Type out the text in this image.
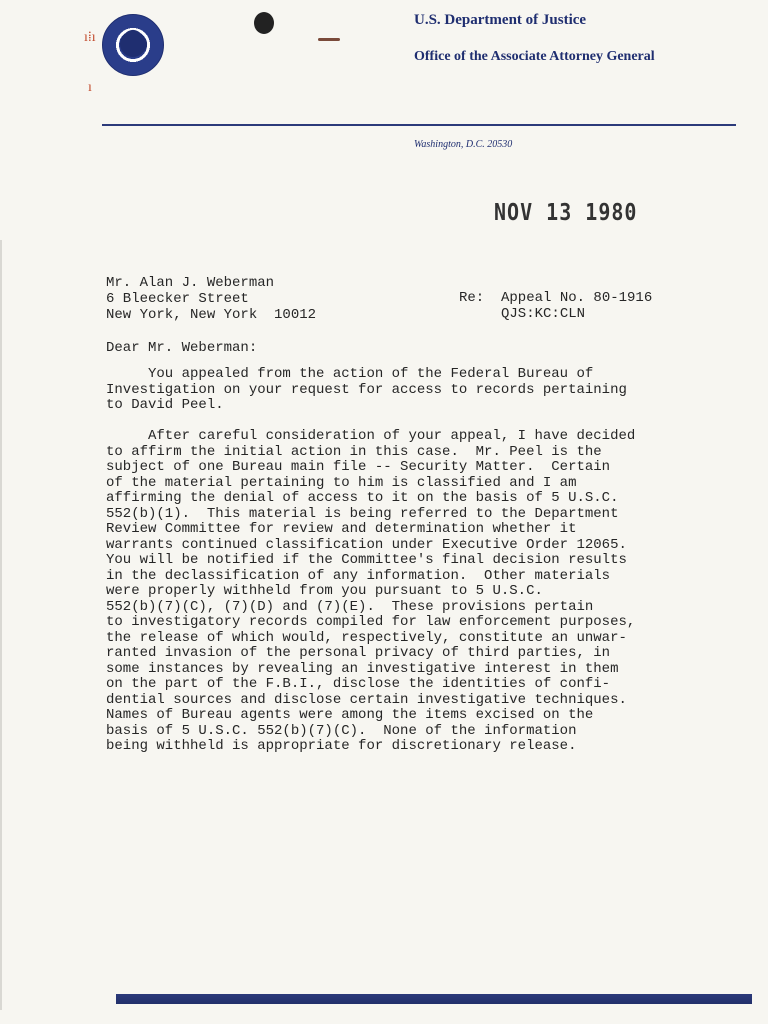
ı⁞ı
ı
U.S. Department of Justice
Office of the Associate Attorney General
Washington, D.C. 20530
NOV 13 1980
Mr. Alan J. Weberman
6 Bleecker Street
New York, New York  10012
Re:  Appeal No. 80-1916
QJS:KC:CLN
Dear Mr. Weberman:

You appealed from the action of the Federal Bureau of
Investigation on your request for access to records pertaining
to David Peel.

After careful consideration of your appeal, I have decided
to affirm the initial action in this case.  Mr. Peel is the
subject of one Bureau main file -- Security Matter.  Certain
of the material pertaining to him is classified and I am
affirming the denial of access to it on the basis of 5 U.S.C.
552(b)(1).  This material is being referred to the Department
Review Committee for review and determination whether it
warrants continued classification under Executive Order 12065.
You will be notified if the Committee's final decision results
in the declassification of any information.  Other materials
were properly withheld from you pursuant to 5 U.S.C.
552(b)(7)(C), (7)(D) and (7)(E).  These provisions pertain
to investigatory records compiled for law enforcement purposes,
the release of which would, respectively, constitute an unwar-
ranted invasion of the personal privacy of third parties, in
some instances by revealing an investigative interest in them
on the part of the F.B.I., disclose the identities of confi-
dential sources and disclose certain investigative techniques.
Names of Bureau agents were among the items excised on the
basis of 5 U.S.C. 552(b)(7)(C).  None of the information
being withheld is appropriate for discretionary release.
